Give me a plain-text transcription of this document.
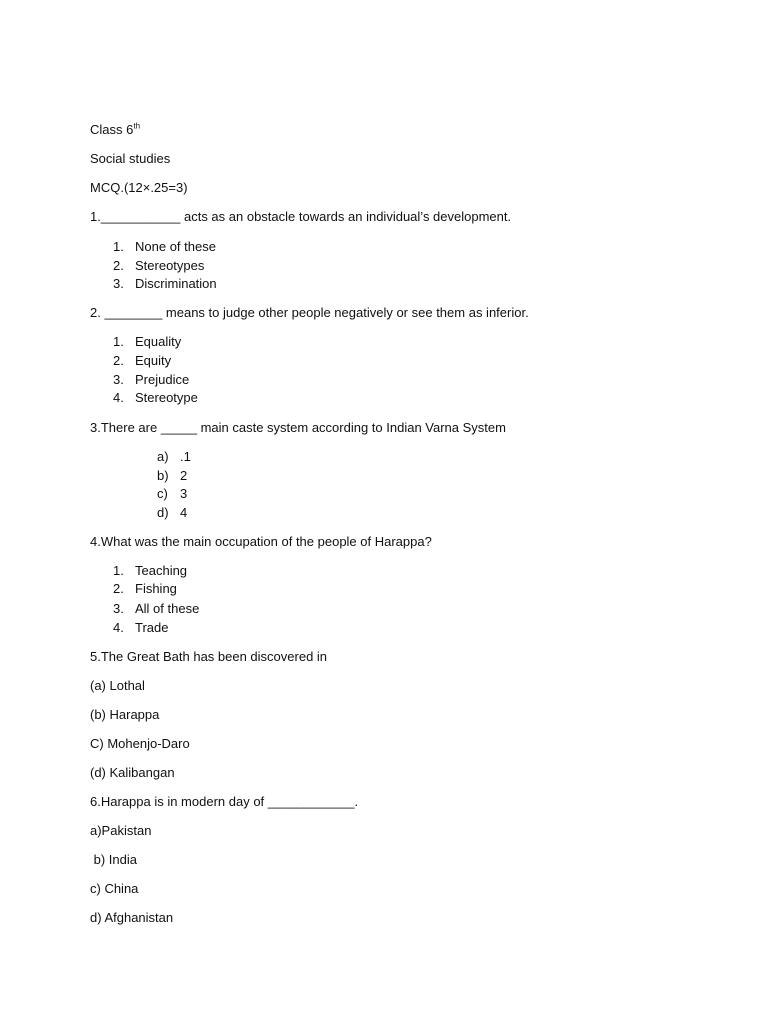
Class 6th
Social studies
MCQ.(12×.25=3)
1.___________ acts as an obstacle towards an individual’s development.
1. None of these
2. Stereotypes
3. Discrimination
2. ________ means to judge other people negatively or see them as inferior.
1. Equality
2. Equity
3. Prejudice
4. Stereotype
3.There are _____ main caste system according to Indian Varna System
a) .1
b) 2
c) 3
d) 4
4.What was the main occupation of the people of Harappa?
1. Teaching
2. Fishing
3. All of these
4. Trade
5.The Great Bath has been discovered in
(a) Lothal
(b) Harappa
C) Mohenjo-Daro
(d) Kalibangan
6.Harappa is in modern day of ____________.
a)Pakistan
b) India
c) China
d) Afghanistan
